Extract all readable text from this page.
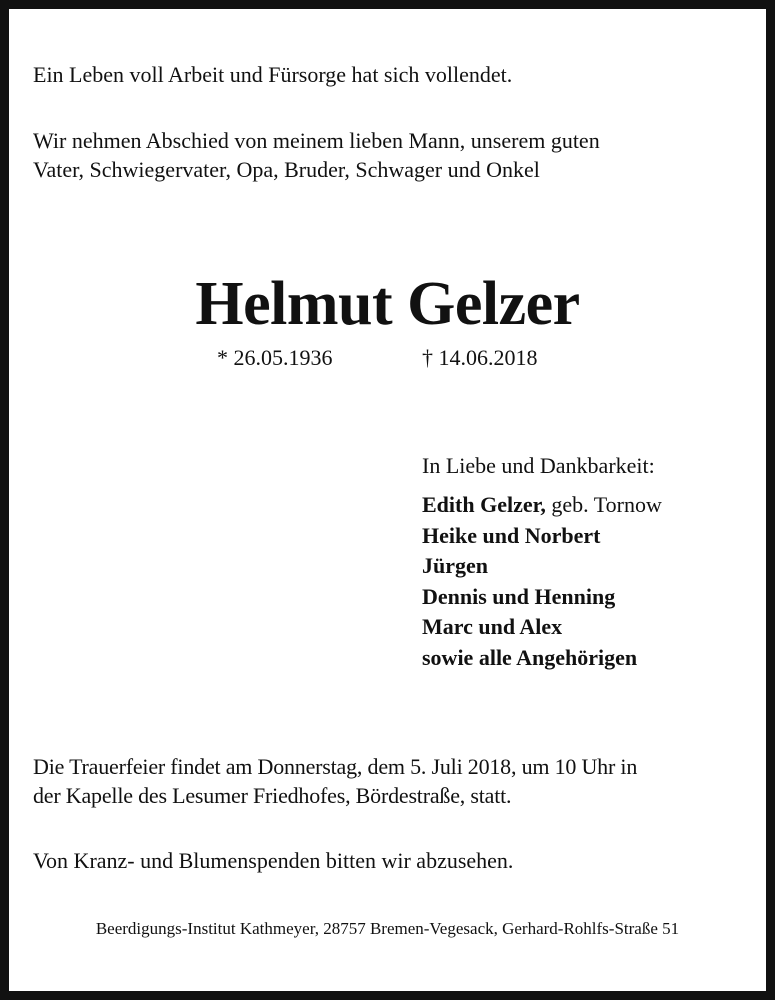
Ein Leben voll Arbeit und Fürsorge hat sich vollendet.

Wir nehmen Abschied von meinem lieben Mann, unserem guten
Vater, Schwiegervater, Opa, Bruder, Schwager und Onkel

Helmut Gelzer

* 26.05.1936	† 14.06.2018

In Liebe und Dankbarkeit:

Edith Gelzer, geb. Tornow
Heike und Norbert
Jürgen
Dennis und Henning
Marc und Alex
sowie alle Angehörigen

Die Trauerfeier findet am Donnerstag, dem 5. Juli 2018, um 10 Uhr in
der Kapelle des Lesumer Friedhofes, Bördestraße, statt.

Von Kranz- und Blumenspenden bitten wir abzusehen.

Beerdigungs-Institut Kathmeyer, 28757 Bremen-Vegesack, Gerhard-Rohlfs-Straße 51
